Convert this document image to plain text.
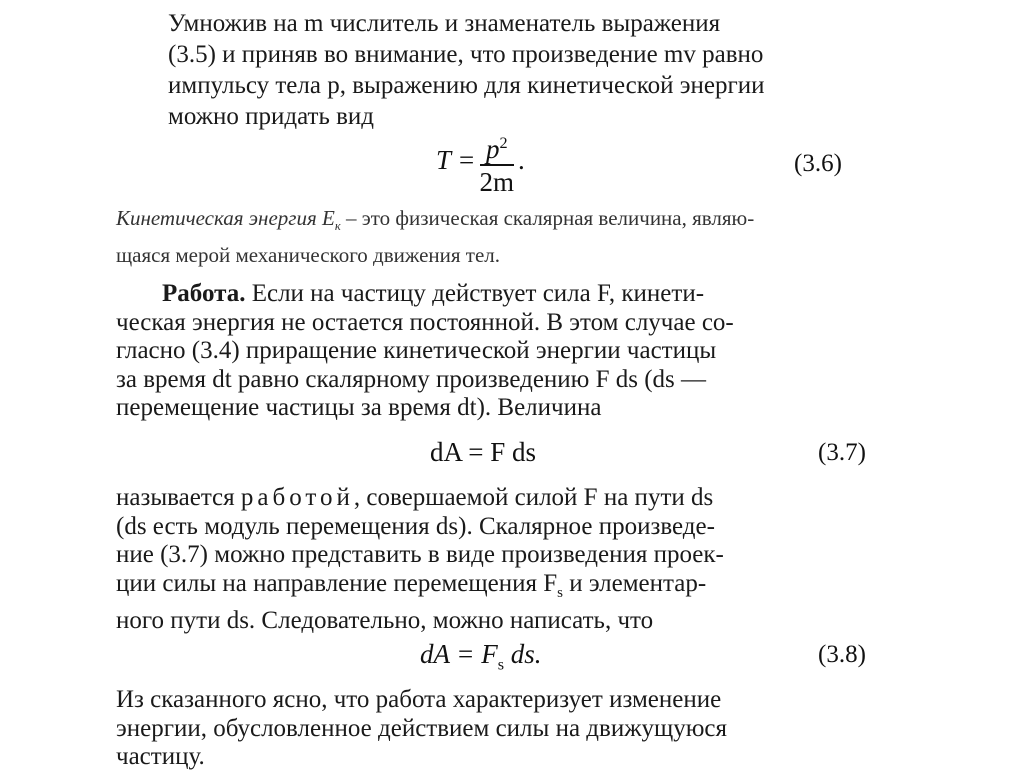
Умножив на m числитель и знаменатель выражения
(3.5) и приняв во внимание, что произведение mv равно
импульсу тела p, выражению для кинетической энергии
можно придать вид
$T = \frac{p^2}{2m}$ .	(3.6)
Кинетическая энергия $E_к$ – это физическая скалярная величина, являю-
щаяся мерой механического движения тел.
Работа. Если на частицу действует сила F, кинети-
ческая энергия не остается постоянной. В этом случае со-
гласно (3.4) приращение кинетической энергии частицы
за время dt равно скалярному произведению F ds (ds —
перемещение частицы за время dt). Величина
dA = F ds	(3.7)
называется работой, совершаемой силой F на пути ds
(ds есть модуль перемещения ds). Скалярное произведе-
ние (3.7) можно представить в виде произведения проек-
ции силы на направление перемещения $F_s$ и элементар-
ного пути ds. Следовательно, можно написать, что
dA = $F_s$ ds.	(3.8)
Из сказанного ясно, что работа характеризует изменение
энергии, обусловленное действием силы на движущуюся
частицу.
